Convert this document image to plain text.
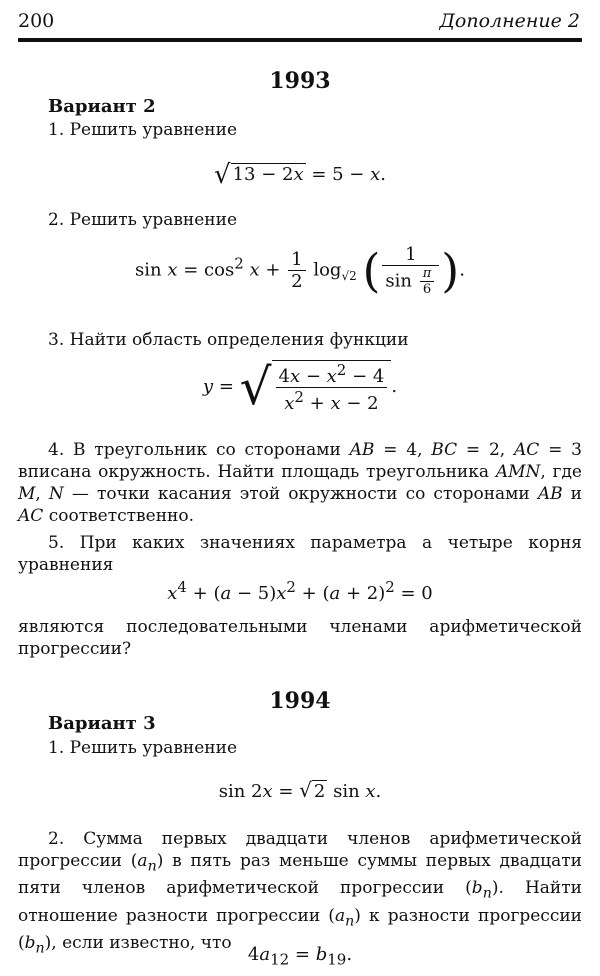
200	Дополнение 2
1993
Вариант 2
1. Решить уравнение
√ 13 − 2x = 5 − x.
2. Решить уравнение
$\sin x = \cos^2 x + \frac{1}{2} \log_{√2}$ ( $\frac{1}{\sin \frac{\pi}{6}}$ ).
3. Найти область определения функции
y = √ $\frac{4x - x^2 - 4}{x^2 + x - 2}$ .
4. В треугольник со сторонами AB = 4, BC = 2, AC = 3 вписана окружность. Найти площадь треугольника AMN, где M, N — точки касания этой окружности со сторонами AB и AC соответственно.
5. При каких значениях параметра a четыре корня уравнения
$x^4 + (a - 5)x^2 + (a + 2)^2 = 0$
являются последовательными членами арифметической прогрессии?
1994
Вариант 3
1. Решить уравнение
sin 2x = √ 2 sin x.
2. Сумма первых двадцати членов арифметической прогрессии $(a_n)$ в пять раз меньше суммы первых двадцати пяти членов арифметической прогрессии $(b_n)$. Найти отношение разности прогрессии $(a_n)$ к разности прогрессии $(b_n)$, если известно, что
$4a_{12} = b_{19}$.
